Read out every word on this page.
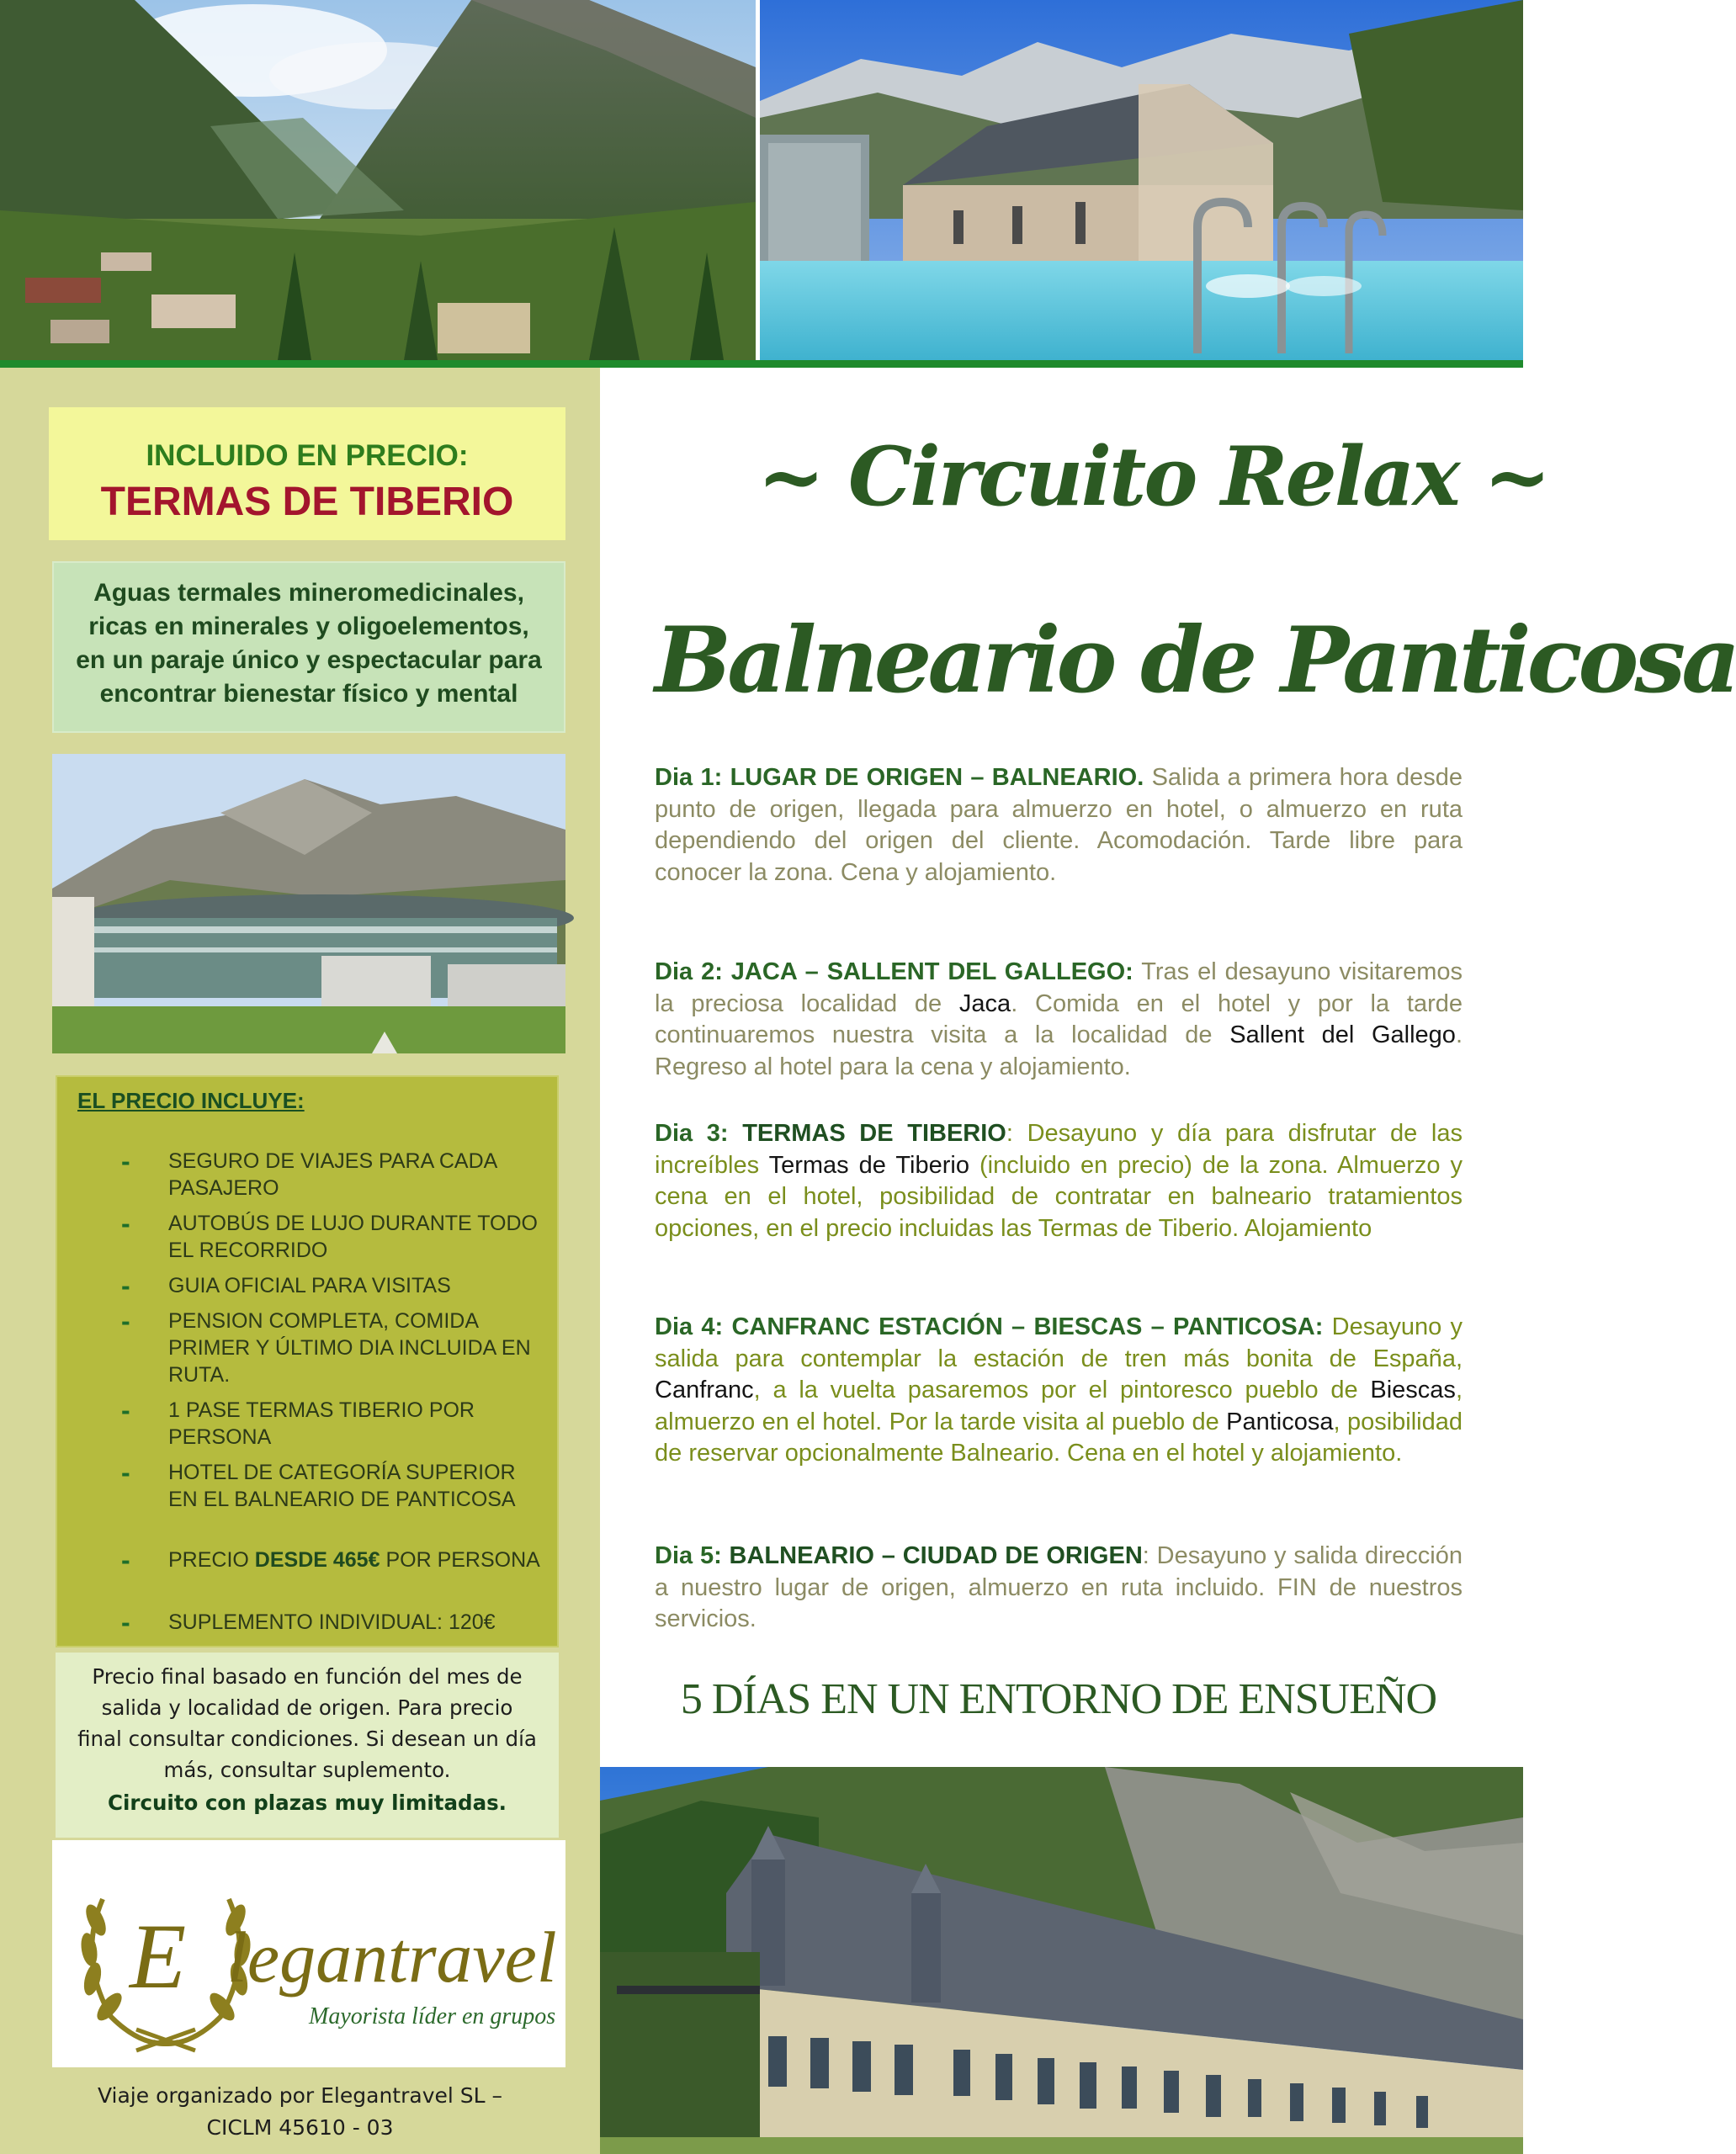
INCLUIDO EN PRECIO:
TERMAS DE TIBERIO
Aguas termales mineromedicinales,
ricas en minerales y oligoelementos,
en un paraje único y espectacular para
encontrar bienestar físico y mental
EL PRECIO INCLUYE:
- SEGURO DE VIAJES PARA CADA PASAJERO
- AUTOBÚS DE LUJO DURANTE TODO EL RECORRIDO
- GUIA OFICIAL PARA VISITAS
- PENSION COMPLETA, COMIDA PRIMER Y ÚLTIMO DIA INCLUIDA EN RUTA.
- 1 PASE TERMAS TIBERIO POR PERSONA
- HOTEL DE CATEGORÍA SUPERIOR EN EL BALNEARIO DE PANTICOSA
- PRECIO DESDE 465€ POR PERSONA
- SUPLEMENTO INDIVIDUAL: 120€
Precio final basado en función del mes de
salida y localidad de origen. Para precio
final consultar condiciones. Si desean un día
más, consultar suplemento.
Circuito con plazas muy limitadas.
E legantravel
Mayorista líder en grupos
Viaje organizado por Elegantravel SL –
CICLM 45610 - 03
~ Circuito Relax ~
Balneario de Panticosa
Dia 1: LUGAR DE ORIGEN – BALNEARIO. Salida a primera hora desde punto de origen, llegada para almuerzo en hotel, o almuerzo en ruta dependiendo del origen del cliente. Acomodación. Tarde libre para conocer la zona. Cena y alojamiento.
Dia 2: JACA – SALLENT DEL GALLEGO: Tras el desayuno visitaremos la preciosa localidad de Jaca. Comida en el hotel y por la tarde continuaremos nuestra visita a la localidad de Sallent del Gallego. Regreso al hotel para la cena y alojamiento.
Dia 3: TERMAS DE TIBERIO: Desayuno y día para disfrutar de las increíbles Termas de Tiberio (incluido en precio) de la zona. Almuerzo y cena en el hotel, posibilidad de contratar en balneario tratamientos opciones, en el precio incluidas las Termas de Tiberio. Alojamiento
Dia 4: CANFRANC ESTACIÓN – BIESCAS – PANTICOSA: Desayuno y salida para contemplar la estación de tren más bonita de España, Canfranc, a la vuelta pasaremos por el pintoresco pueblo de Biescas, almuerzo en el hotel. Por la tarde visita al pueblo de Panticosa, posibilidad de reservar opcionalmente Balneario. Cena en el hotel y alojamiento.
Dia 5: BALNEARIO – CIUDAD DE ORIGEN: Desayuno y salida dirección a nuestro lugar de origen, almuerzo en ruta incluido. FIN de nuestros servicios.
5 DÍAS EN UN ENTORNO DE ENSUEÑO
